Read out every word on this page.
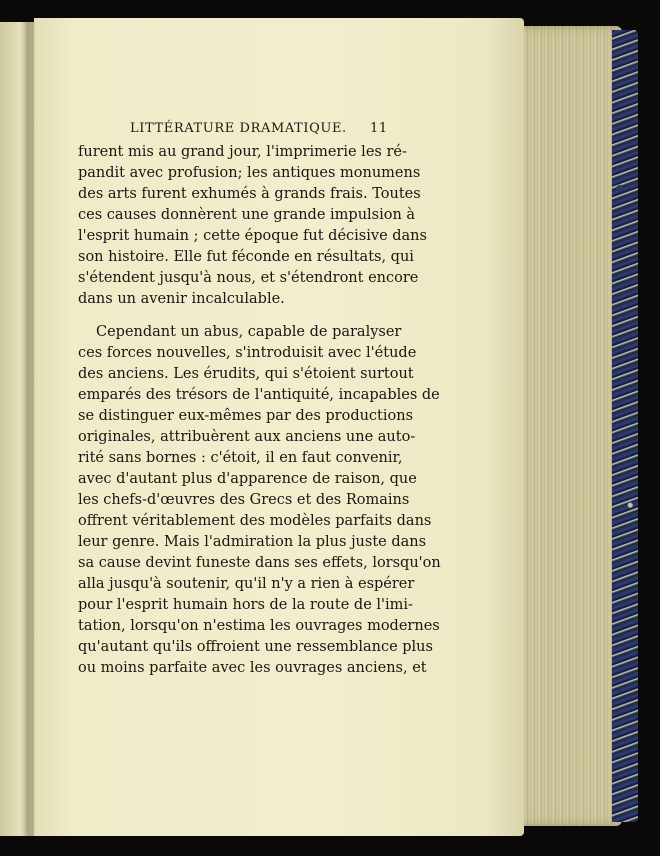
LITTÉRATURE DRAMATIQUE. 11
furent mis au grand jour, l'imprimerie les ré-
pandit avec profusion; les antiques monumens
des arts furent exhumés à grands frais. Toutes
ces causes donnèrent une grande impulsion à
l'esprit humain ; cette époque fut décisive dans
son histoire. Elle fut féconde en résultats, qui
s'étendent jusqu'à nous, et s'étendront encore
dans un avenir incalculable.
Cependant un abus, capable de paralyser
ces forces nouvelles, s'introduisit avec l'étude
des anciens. Les érudits, qui s'étoient surtout
emparés des trésors de l'antiquité, incapables de
se distinguer eux-mêmes par des productions
originales, attribuèrent aux anciens une auto-
rité sans bornes : c'étoit, il en faut convenir,
avec d'autant plus d'apparence de raison, que
les chefs-d'œuvres des Grecs et des Romains
offrent véritablement des modèles parfaits dans
leur genre. Mais l'admiration la plus juste dans
sa cause devint funeste dans ses effets, lorsqu'on
alla jusqu'à soutenir, qu'il n'y a rien à espérer
pour l'esprit humain hors de la route de l'imi-
tation, lorsqu'on n'estima les ouvrages modernes
qu'autant qu'ils offroient une ressemblance plus
ou moins parfaite avec les ouvrages anciens, et
